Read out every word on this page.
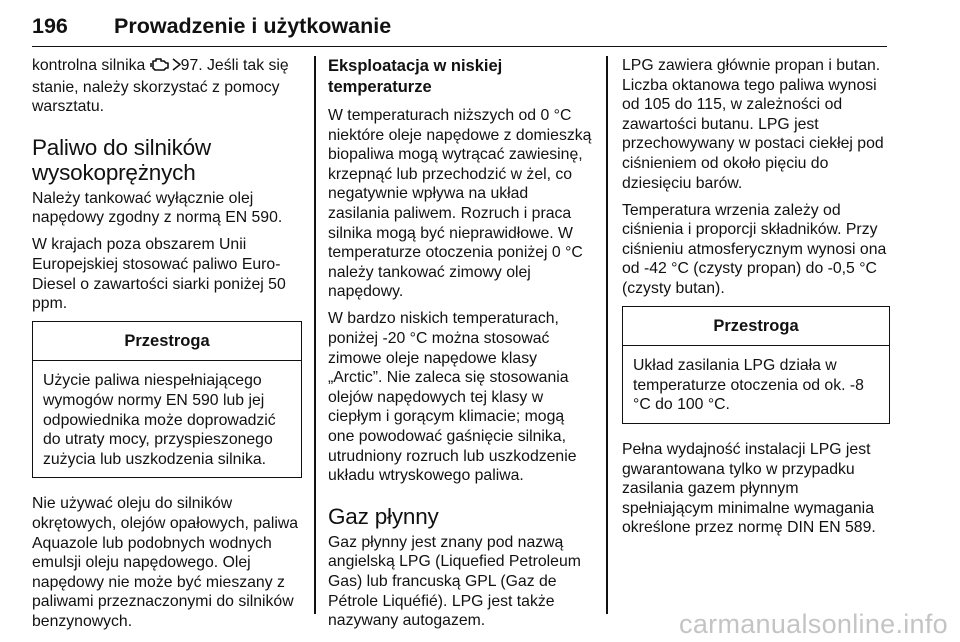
196 Prowadzenie i użytkowanie

kontrolna silnika 97. Jeśli tak się stanie, należy skorzystać z pomocy warsztatu.

Paliwo do silników wysokoprężnych

Należy tankować wyłącznie olej napędowy zgodny z normą EN 590.

W krajach poza obszarem Unii Europejskiej stosować paliwo Euro-Diesel o zawartości siarki poniżej 50 ppm.

Przestroga
Użycie paliwa niespełniającego wymogów normy EN 590 lub jej odpowiednika może doprowadzić do utraty mocy, przyspieszonego zużycia lub uszkodzenia silnika.

Nie używać oleju do silników okrętowych, olejów opałowych, paliwa Aquazole lub podobnych wodnych emulsji oleju napędowego. Olej napędowy nie może być mieszany z paliwami przeznaczonymi do silników benzynowych.

Eksploatacja w niskiej temperaturze

W temperaturach niższych od 0 °C niektóre oleje napędowe z domieszką biopaliwa mogą wytrącać zawiesinę, krzepnąć lub przechodzić w żel, co negatywnie wpływa na układ zasilania paliwem. Rozruch i praca silnika mogą być nieprawidłowe. W temperaturze otoczenia poniżej 0 °C należy tankować zimowy olej napędowy.

W bardzo niskich temperaturach, poniżej -20 °C można stosować zimowe oleje napędowe klasy „Arctic”. Nie zaleca się stosowania olejów napędowych tej klasy w ciepłym i gorącym klimacie; mogą one powodować gaśnięcie silnika, utrudniony rozruch lub uszkodzenie układu wtryskowego paliwa.

Gaz płynny

Gaz płynny jest znany pod nazwą angielską LPG (Liquefied Petroleum Gas) lub francuską GPL (Gaz de Pétrole Liquéfié). LPG jest także nazywany autogazem.

LPG zawiera głównie propan i butan. Liczba oktanowa tego paliwa wynosi od 105 do 115, w zależności od zawartości butanu. LPG jest przechowywany w postaci ciekłej pod ciśnieniem od około pięciu do dziesięciu barów.

Temperatura wrzenia zależy od ciśnienia i proporcji składników. Przy ciśnieniu atmosferycznym wynosi ona od -42 °C (czysty propan) do -0,5 °C (czysty butan).

Przestroga
Układ zasilania LPG działa w temperaturze otoczenia od ok. -8 °C do 100 °C.

Pełna wydajność instalacji LPG jest gwarantowana tylko w przypadku zasilania gazem płynnym spełniającym minimalne wymagania określone przez normę DIN EN 589.

carmanualsonline.info
